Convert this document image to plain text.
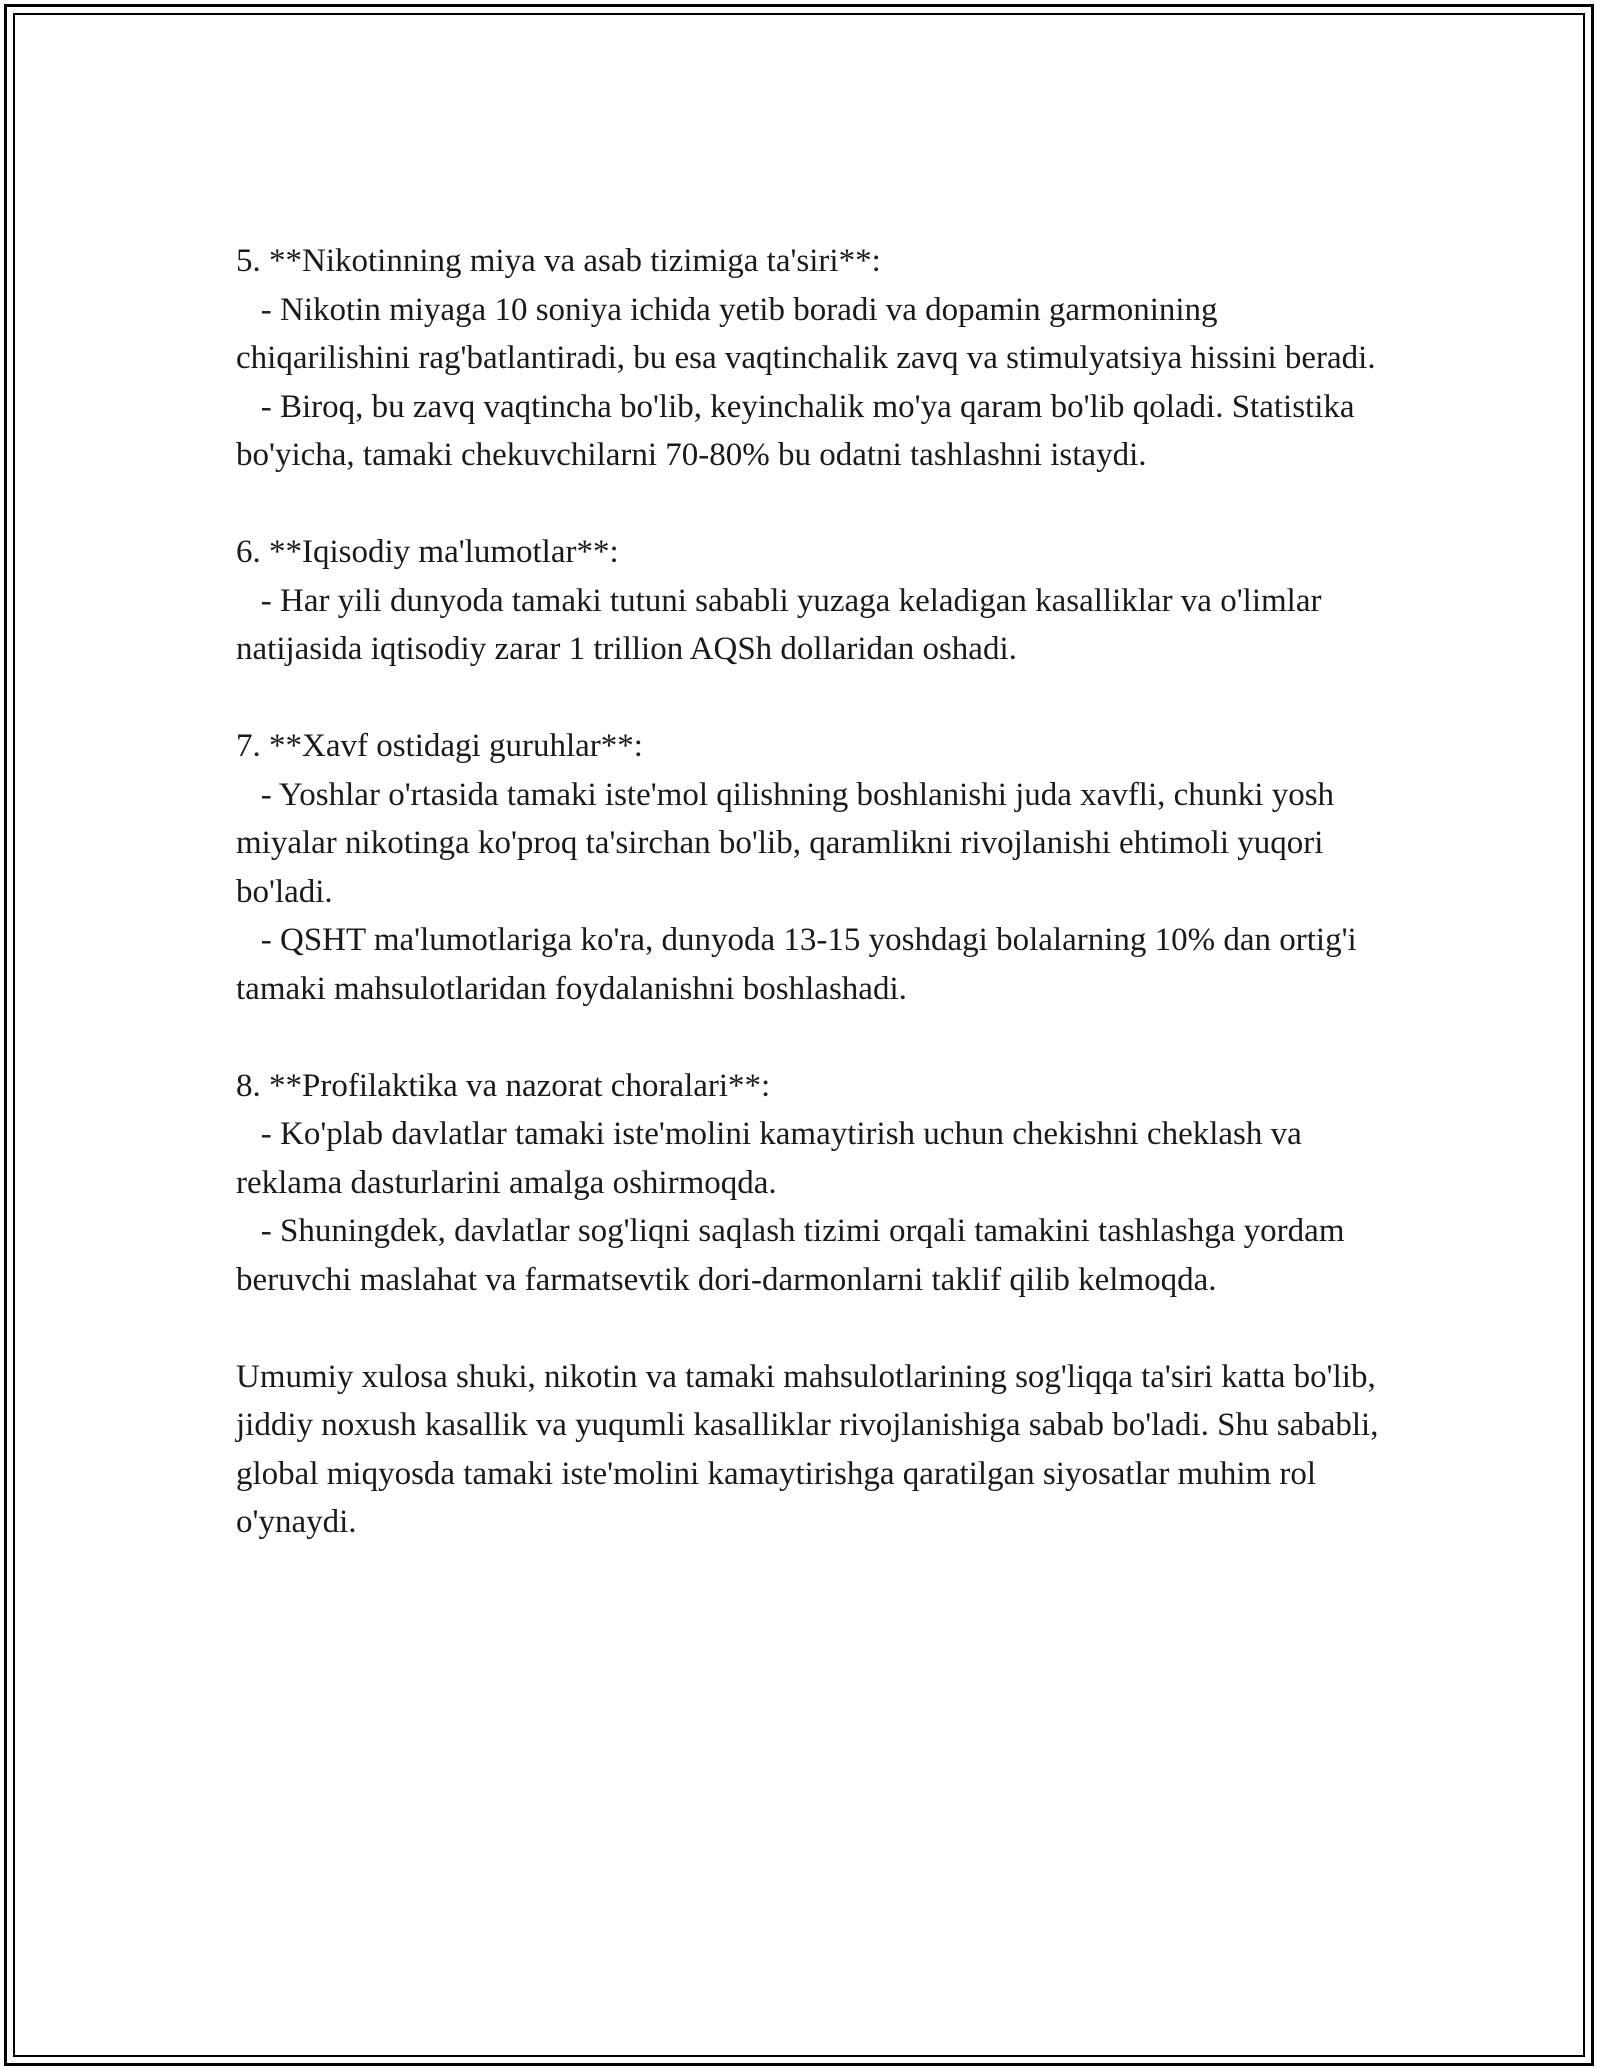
5. **Nikotinning miya va asab tizimiga ta'siri**:
- Nikotin miyaga 10 soniya ichida yetib boradi va dopamin garmonining chiqarilishini rag'batlantiradi, bu esa vaqtinchalik zavq va stimulyatsiya hissini beradi.
- Biroq, bu zavq vaqtincha bo'lib, keyinchalik mo'ya qaram bo'lib qoladi. Statistika bo'yicha, tamaki chekuvchilarni 70-80% bu odatni tashlashni istaydi.
6. **Iqisodiy ma'lumotlar**:
- Har yili dunyoda tamaki tutuni sababli yuzaga keladigan kasalliklar va o'limlar natijasida iqtisodiy zarar 1 trillion AQSh dollaridan oshadi.
7. **Xavf ostidagi guruhlar**:
- Yoshlar o'rtasida tamaki iste'mol qilishning boshlanishi juda xavfli, chunki yosh miyalar nikotinga ko'proq ta'sirchan bo'lib, qaramlikni rivojlanishi ehtimoli yuqori bo'ladi.
- QSHT ma'lumotlariga ko'ra, dunyoda 13-15 yoshdagi bolalarning 10% dan ortig'i tamaki mahsulotlaridan foydalanishni boshlashadi.
8. **Profilaktika va nazorat choralari**:
- Ko'plab davlatlar tamaki iste'molini kamaytirish uchun chekishni cheklash va reklama dasturlarini amalga oshirmoqda.
- Shuningdek, davlatlar sog'liqni saqlash tizimi orqali tamakini tashlashga yordam beruvchi maslahat va farmatsevtik dori-darmonlarni taklif qilib kelmoqda.
Umumiy xulosa shuki, nikotin va tamaki mahsulotlarining sog'liqqa ta'siri katta bo'lib, jiddiy noxush kasallik va yuqumli kasalliklar rivojlanishiga sabab bo'ladi. Shu sababli, global miqyosda tamaki iste'molini kamaytirishga qaratilgan siyosatlar muhim rol o'ynaydi.
